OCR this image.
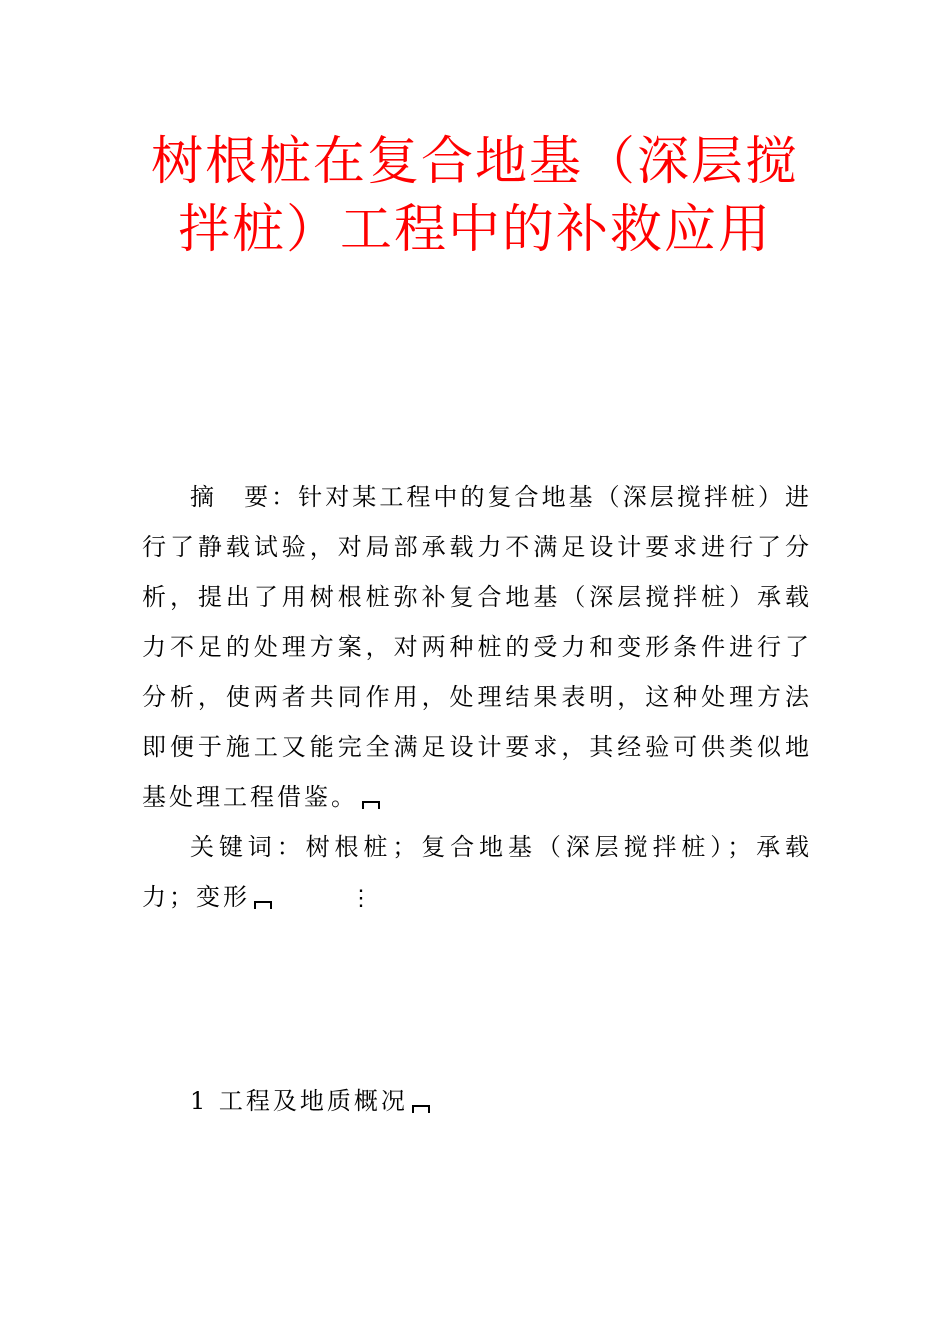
树根桩在复合地基（深层搅拌桩）工程中的补救应用

摘　要：针对某工程中的复合地基（深层搅拌桩）进行了静载试验，对局部承载力不满足设计要求进行了分析，提出了用树根桩弥补复合地基（深层搅拌桩）承载力不足的处理方案，对两种桩的受力和变形条件进行了分析，使两者共同作用，处理结果表明，这种处理方法即便于施工又能完全满足设计要求，其经验可供类似地基处理工程借鉴。

关键词：树根桩；复合地基（深层搅拌桩）；承载力；变形	⋮

1 工程及地质概况
